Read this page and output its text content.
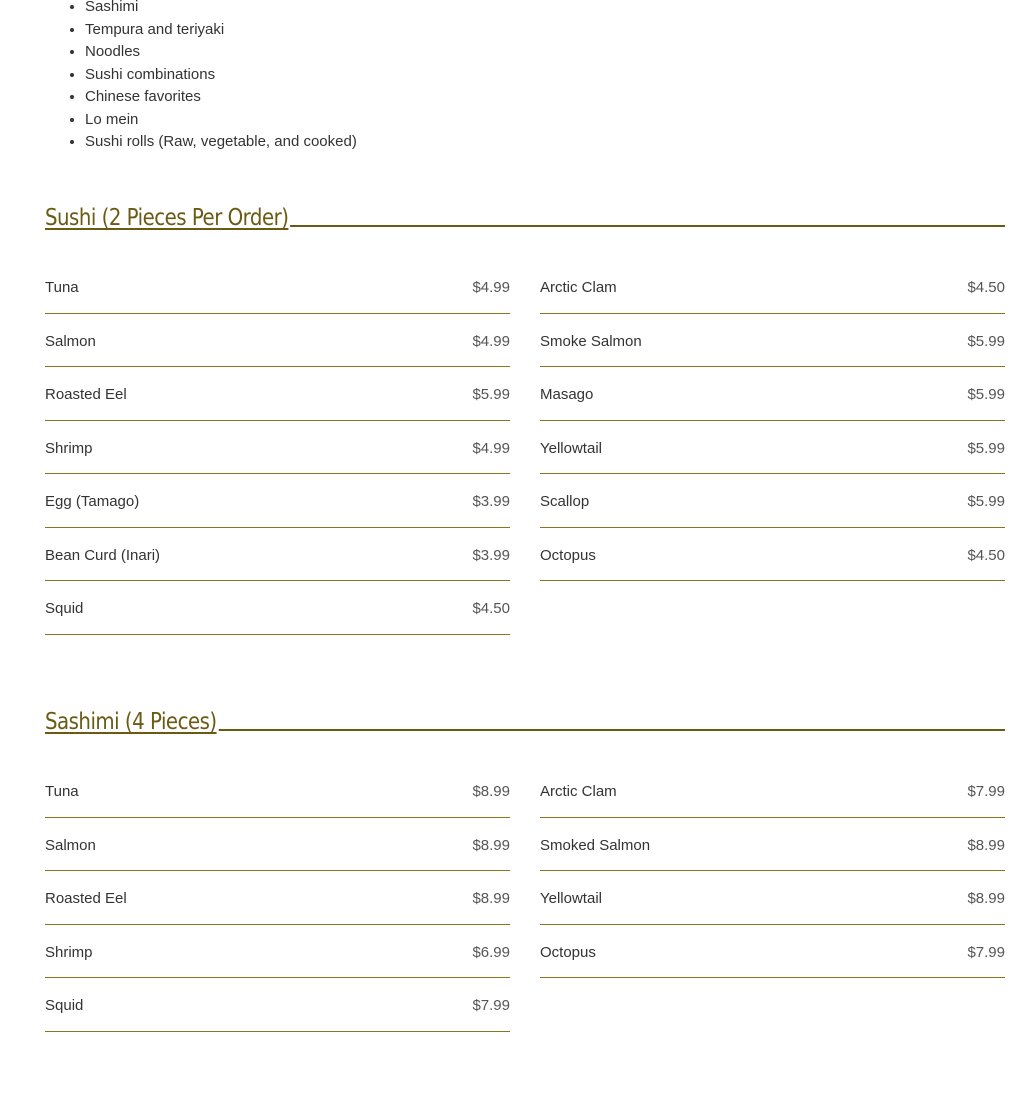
• Sashimi
• Tempura and teriyaki
• Noodles
• Sushi combinations
• Chinese favorites
• Lo mein
• Sushi rolls (Raw, vegetable, and cooked)
Sushi (2 Pieces Per Order)
Tuna	$4.99
Salmon	$4.99
Roasted Eel	$5.99
Shrimp	$4.99
Egg (Tamago)	$3.99
Bean Curd (Inari)	$3.99
Squid	$4.50
Arctic Clam	$4.50
Smoke Salmon	$5.99
Masago	$5.99
Yellowtail	$5.99
Scallop	$5.99
Octopus	$4.50
Sashimi (4 Pieces)
Tuna	$8.99
Salmon	$8.99
Roasted Eel	$8.99
Shrimp	$6.99
Squid	$7.99
Arctic Clam	$7.99
Smoked Salmon	$8.99
Yellowtail	$8.99
Octopus	$7.99
